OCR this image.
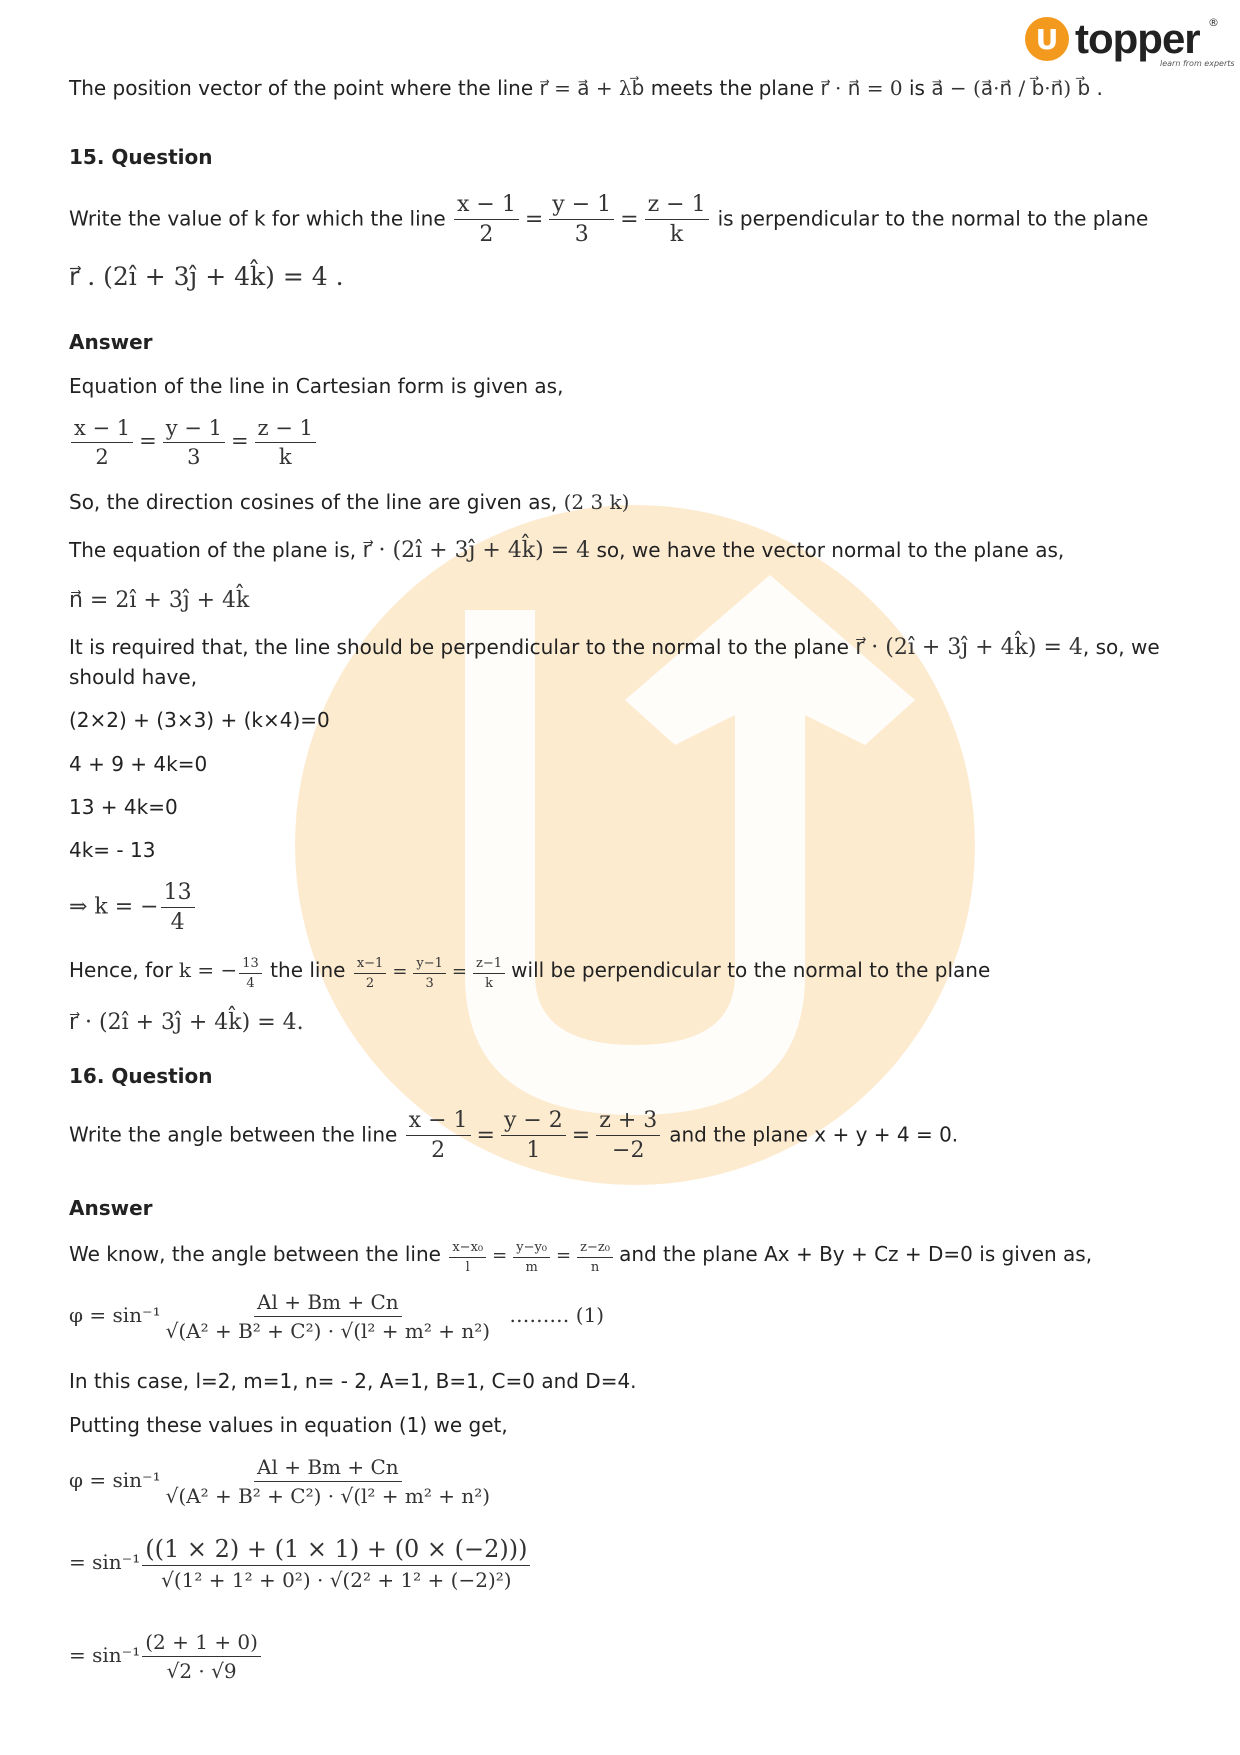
U topper ®
learn from experts
The position vector of the point where the line r⃗ = a⃗ + λb⃗ meets the plane r⃗ · n⃗ = 0 is a⃗ − (a⃗·n⃗ / b⃗·n⃗) b⃗ .
15. Question
Write the value of k for which the line $\frac{x - 1}{2} = \frac{y - 1}{3} = \frac{z - 1}{k}$ is perpendicular to the normal to the plane
r⃗ . (2î + 3ĵ + 4k̂) = 4 .
Answer
Equation of the line in Cartesian form is given as,
$\frac{x - 1}{2} = \frac{y - 1}{3} = \frac{z - 1}{k}$
So, the direction cosines of the line are given as, (2 3 k)
The equation of the plane is, r⃗ · (2î + 3ĵ + 4k̂) = 4 so, we have the vector normal to the plane as,
n⃗ = 2î + 3ĵ + 4k̂
It is required that, the line should be perpendicular to the normal to the plane r⃗ · (2î + 3ĵ + 4k̂) = 4, so, we
should have,
(2×2) + (3×3) + (k×4)=0
4 + 9 + 4k=0
13 + 4k=0
4k= - 13
⇒ k = − $\frac{13}{4}$
Hence, for k = − $\frac{13}{4}$ the line $\frac{x-1}{2} = \frac{y-1}{3} = \frac{z-1}{k}$ will be perpendicular to the normal to the plane
r⃗ · (2î + 3ĵ + 4k̂) = 4.
16. Question
Write the angle between the line $\frac{x - 1}{2} = \frac{y - 2}{1} = \frac{z + 3}{-2}$ and the plane x + y + 4 = 0.
Answer
We know, the angle between the line $\frac{\text{x−x₀}}{l} = \frac{\text{y−y₀}}{m} = \frac{\text{z−z₀}}{n}$ and the plane Ax + By + Cz + D=0 is given as,
$\varphi = \sin^{-1} \frac{Al + Bm + Cn}{\text{√(A² + B² + C²) · √(l² + m² + n²)}}$ ……… (1)
In this case, l=2, m=1, n= - 2, A=1, B=1, C=0 and D=4.
Putting these values in equation (1) we get,
$\varphi = \sin^{-1} \frac{Al + Bm + Cn}{\text{√(A² + B² + C²) · √(l² + m² + n²)}}$
= $\sin^{-1} \frac{((1 \times 2) + (1 \times 1) + (0 \times (-2)))}{\text{√(1² + 1² + 0²) · √(2² + 1² + (−2)²)}}$
= $\sin^{-1} \frac{(2 + 1 + 0)}{√2 \cdot √9}$
